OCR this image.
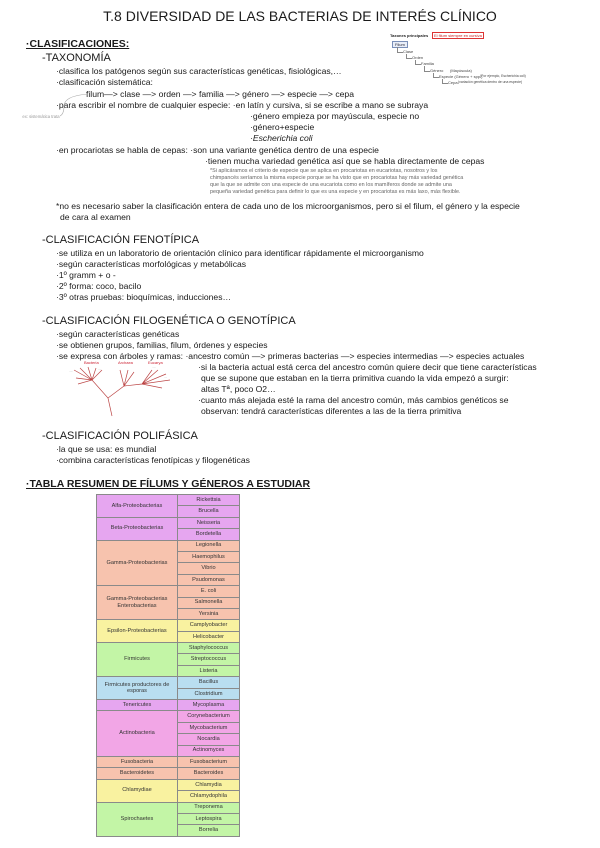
T.8 DIVERSIDAD DE LAS BACTERIAS DE INTERÉS CLÍNICO
·CLASIFICACIONES:
-TAXONOMÍA
·clasifica los patógenos según sus características genéticas, fisiológicas,…
·clasificación sistemática:
filum—> clase —> orden —> familia —> género —> especie —> cepa
·para escribir el nombre de cualquier especie: ·en latín y cursiva, si se escribe a mano se subraya
·género empieza por mayúscula, especie no
·género+especie
·Escherichia coli
·en procariotas se habla de cepas: ·son una variante genética dentro de una especie
·tienen mucha variedad genética así que se habla directamente de cepas
ex: sistemática trata
*Si aplicáramos el criterio de especie que se aplica en procariotas en eucariotas, nosotros y los
chimpancés seríamos la misma especie porque se ha visto que en procariotas hay más variedad genética
que la que se admite con una especie de una eucariota como en los mamíferos donde se admite una
pequeña variedad genética para definir lo que es una especie y en procariotas es más laxo, más flexible.
*no es necesario saber la clasificación entera de cada uno de los microorganismos, pero si el filum, el género y la especie
de cara al examen
Taxones principales	El filum siempre en cursiva
Filum
Clase
Orden
Familia
Género (Mayúscula)
Especie (Género + spp.)
(Por ejemplo, Escherichia coli)
Cepa (variación genética dentro de una especie)
-CLASIFICACIÓN FENOTÍPICA
·se utiliza en un laboratorio de orientación clínico para identificar rápidamente el microorganismo
·según características morfológicas y metabólicas
·1º gramm + o -
·2º forma: coco, bacilo
·3º otras pruebas: bioquímicas, inducciones…
-CLASIFICACIÓN FILOGENÉTICA O GENOTÍPICA
·según características genéticas
·se obtienen grupos, familias, filum, órdenes y especies
·se expresa con árboles y ramas: ·ancestro común —> primeras bacterias —> especies intermedias —> especies actuales
·si la bacteria actual está cerca del ancestro común quiere decir que tiene características
que se supone que estaban en la tierra primitiva cuando la vida empezó a surgir:
altas Tª, poco O2…
·cuanto más alejada esté la rama del ancestro común, más cambios genéticos se
observan: tendrá características diferentes a las de la tierra primitiva
Bacteria	Archaea	Eucarya
·····
····
·····
····
-CLASIFICACIÓN POLIFÁSICA
·la que se usa: es mundial
·combina características fenotípicas y filogenéticas
·TABLA RESUMEN DE FÍLUMS Y GÉNEROS A ESTUDIAR
Alfa-Proteobacterias	Rickettsia
	Brucella
Beta-Proteobacterias	Neisseria
	Bordetella
Gamma-Proteobacterias	Legionella
	Haemophilus
	Vibrio
	Psudomonas
Gamma-Proteobacterias Enterobacterias	E. coli
	Salmonella
	Yersinia
Epsilon-Proteobacterias	Camplyobacter
	Helicobacter
Firmicutes	Staphylococcus
	Streptococcus
	Listeria
Firmicutes productores de esporas	Bacillus
	Clostridium
Tenericutes	Mycoplasma
Actinobacteria	Corynebacterium
	Mycobacterium
	Nocardia
	Actinomyces
Fusobacteria	Fusobacterium
Bacteroidetes	Bacteroides
Chlamydiae	Chlamydia
	Chlamydophila
Spirochaetes	Treponema
	Leptospira
	Borrelia
